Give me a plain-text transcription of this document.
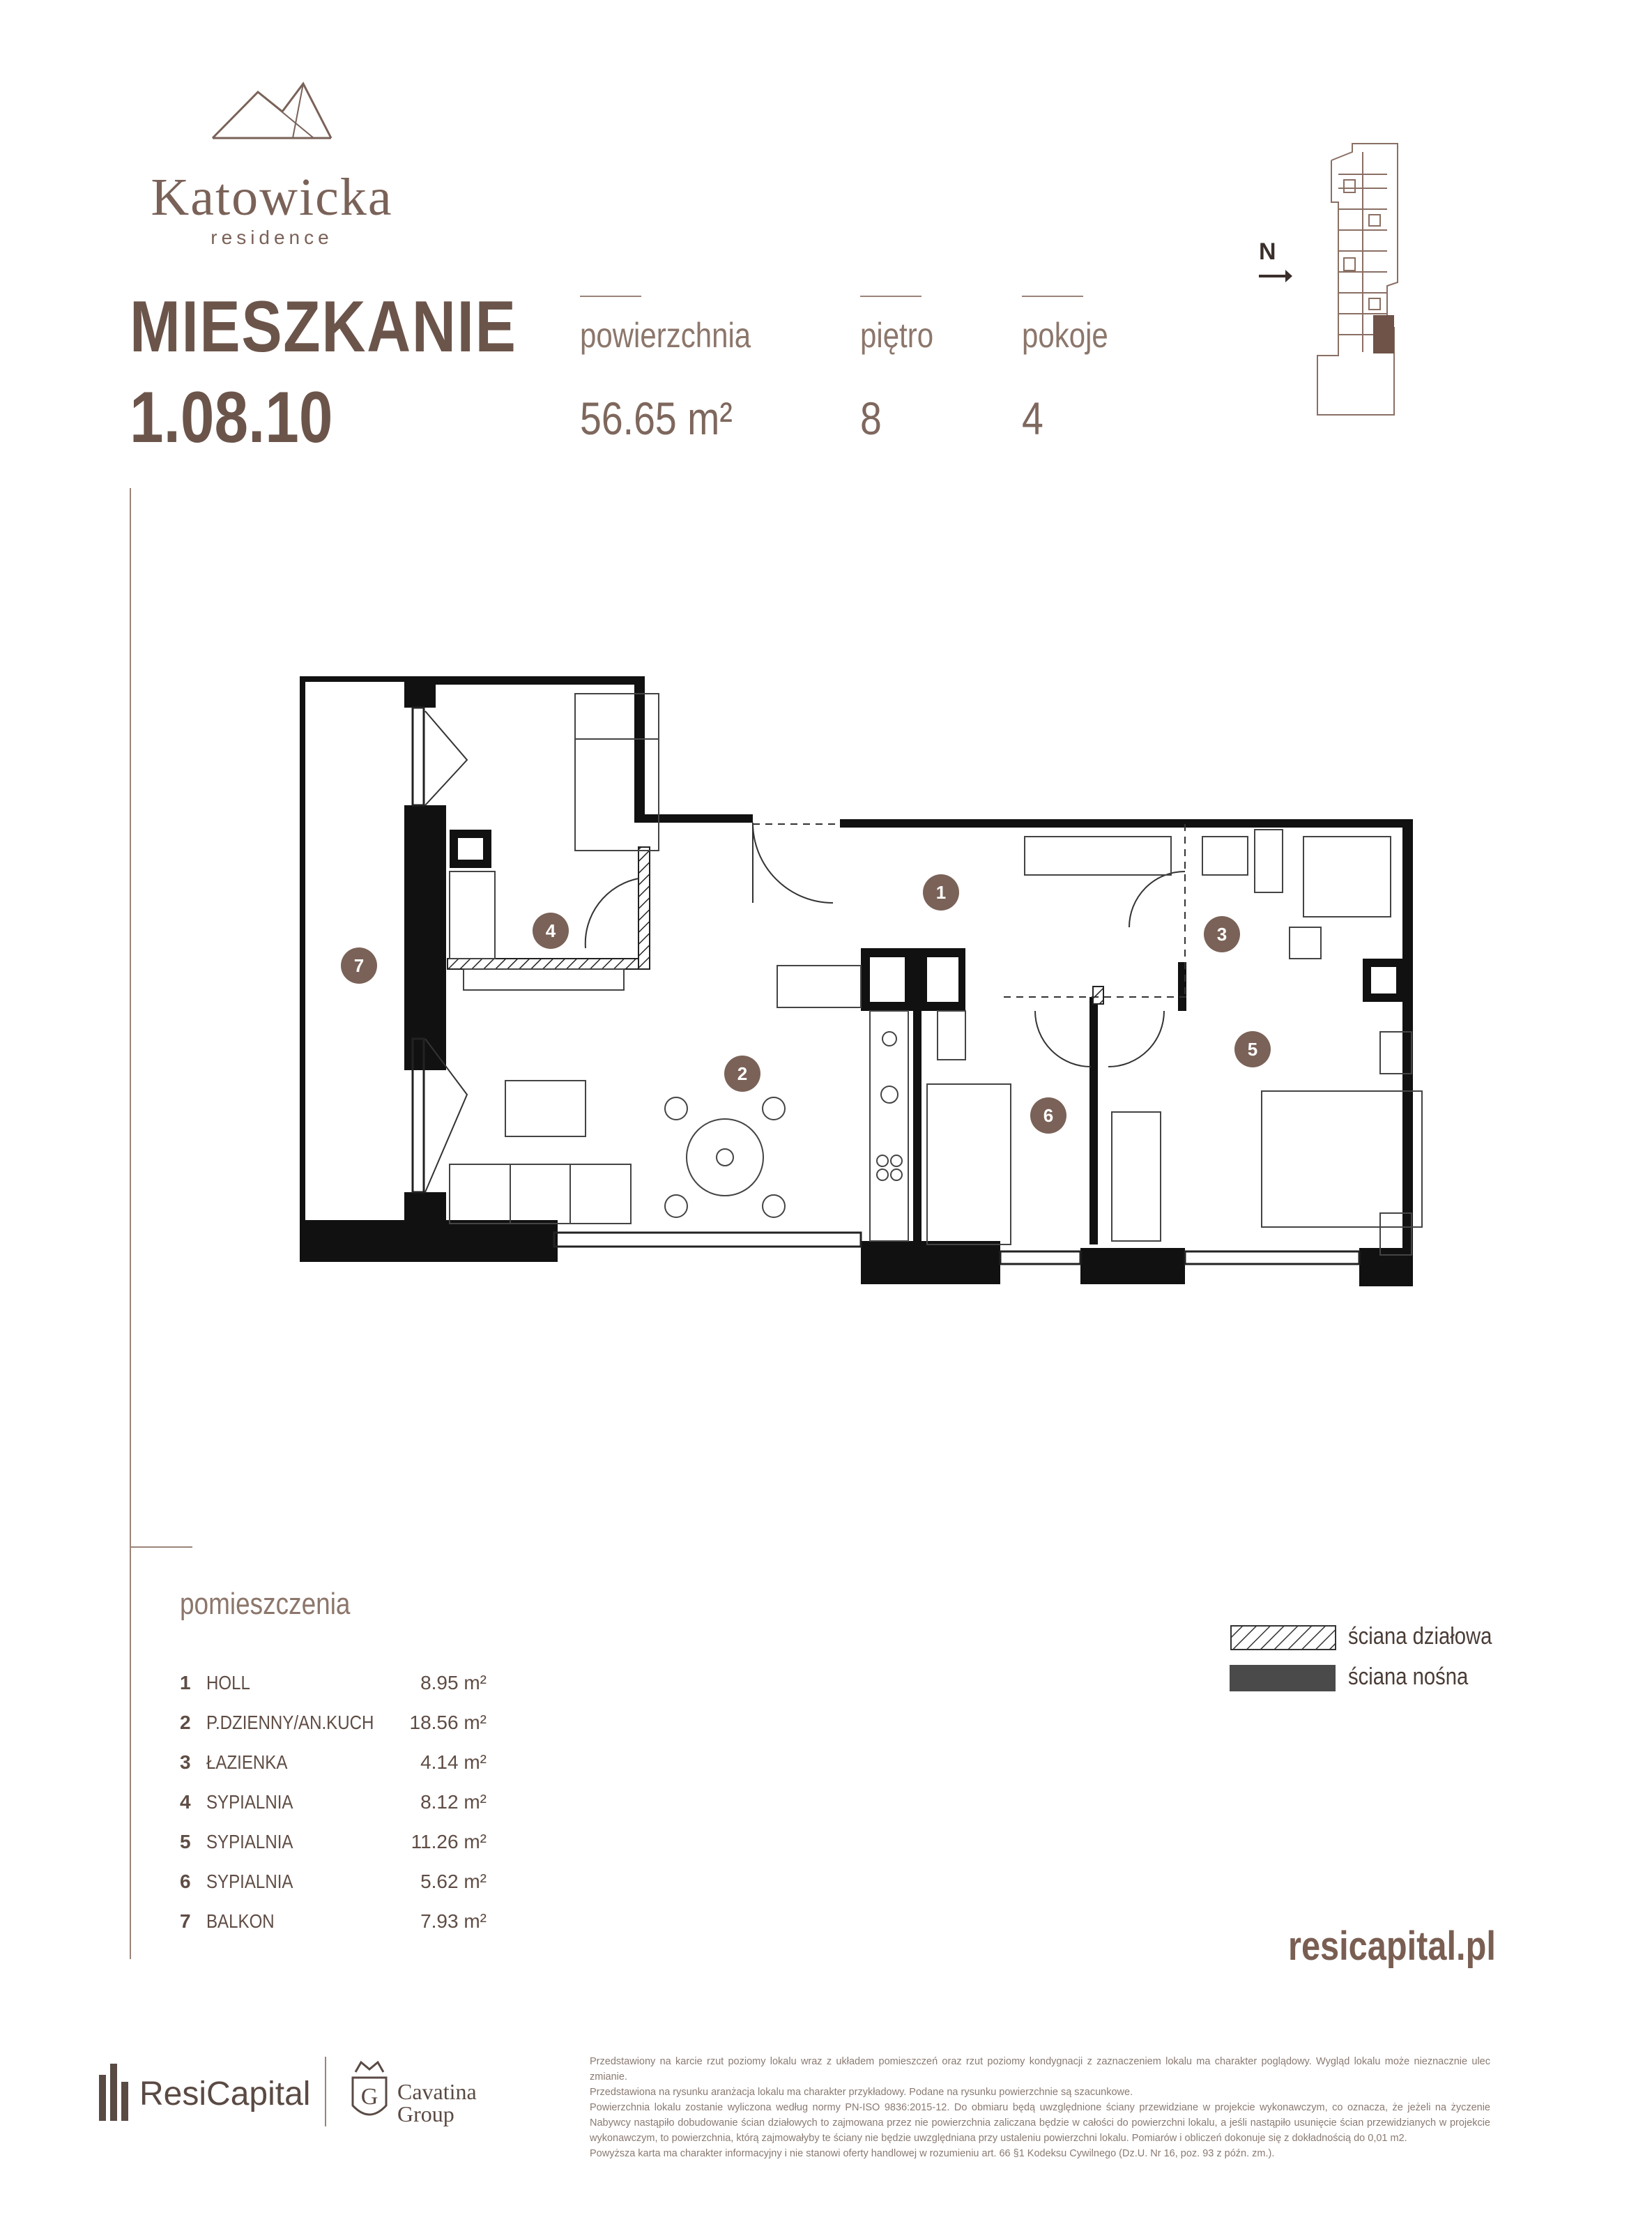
Katowicka
residence
MIESZKANIE
1.08.10
powierzchnia
56.65 m²
piętro
8
pokoje
4
N
7
4
1
3
5
2
6
pomieszczenia
1 HOLL	8.95 m²
2 P.DZIENNY/AN.KUCH 18.56 m²
3 ŁAZIENKA	4.14 m²
4 SYPIALNIA	8.12 m²
5 SYPIALNIA	11.26 m²
6 SYPIALNIA	5.62 m²
7 BALKON	7.93 m²
ściana działowa
ściana nośna
resicapital.pl
ResiCapital G Cavatina
Group

Przedstawiony na karcie rzut poziomy lokalu wraz z układem pomieszczeń oraz rzut poziomy kondygnacji z zaznaczeniem lokalu ma charakter poglądowy. Wygląd lokalu może nieznacznie ulec zmianie.

Przedstawiona na rysunku aranżacja lokalu ma charakter przykładowy. Podane na rysunku powierzchnie są szacunkowe.

Powierzchnia lokalu zostanie wyliczona według normy PN-ISO 9836:2015-12. Do obmiaru będą uwzględnione ściany przewidziane w projekcie wykonawczym, co oznacza, że jeżeli na życzenie Nabywcy nastąpiło dobudowanie ścian działowych to zajmowana przez nie powierzchnia zaliczana będzie w całości do powierzchni lokalu, a jeśli nastąpiło usunięcie ścian przewidzianych w projekcie wykonawczym, to powierzchnia, którą zajmowałyby te ściany nie będzie uwzględniana przy ustaleniu powierzchni lokalu. Pomiarów i obliczeń dokonuje się z dokładnością do 0,01 m2.

Powyższa karta ma charakter informacyjny i nie stanowi oferty handlowej w rozumieniu art. 66 §1 Kodeksu Cywilnego (Dz.U. Nr 16, poz. 93 z późn. zm.).
